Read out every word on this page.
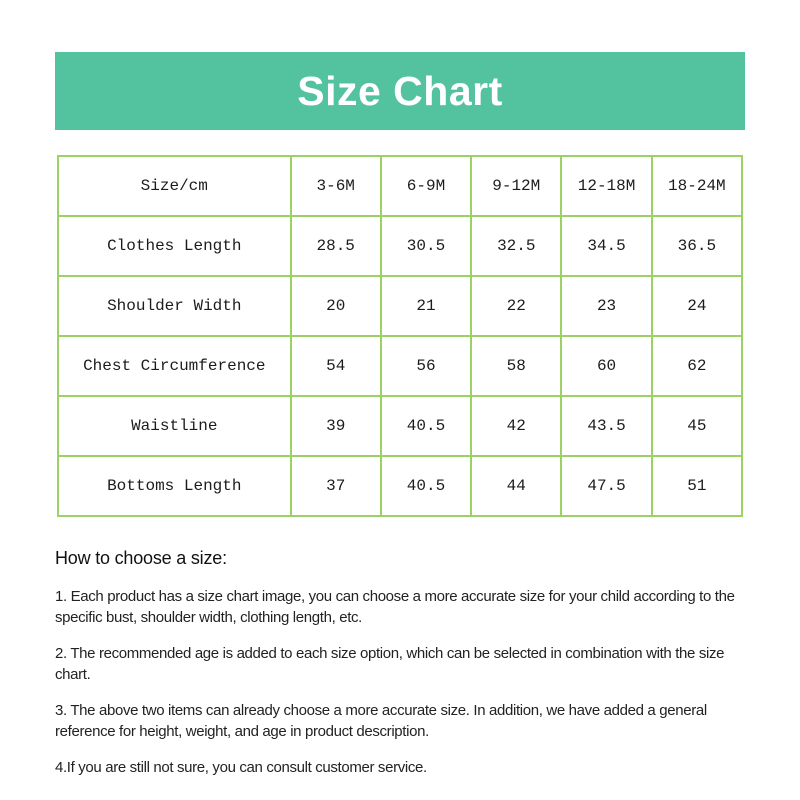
Size Chart
Size/cm	3-6M	6-9M	9-12M	12-18M	18-24M
Clothes Length	28.5	30.5	32.5	34.5	36.5
Shoulder Width	20	21	22	23	24
Chest Circumference	54	56	58	60	62
Waistline	39	40.5	42	43.5	45
Bottoms Length	37	40.5	44	47.5	51
How to choose a size:

1. Each product has a size chart image, you can choose a more accurate size for your child according to the specific bust, shoulder width, clothing length, etc.

2. The recommended age is added to each size option, which can be selected in combination with the size chart.

3. The above two items can already choose a more accurate size. In addition, we have added a general reference for height, weight, and age in product description.

4.If you are still not sure, you can consult customer service.
